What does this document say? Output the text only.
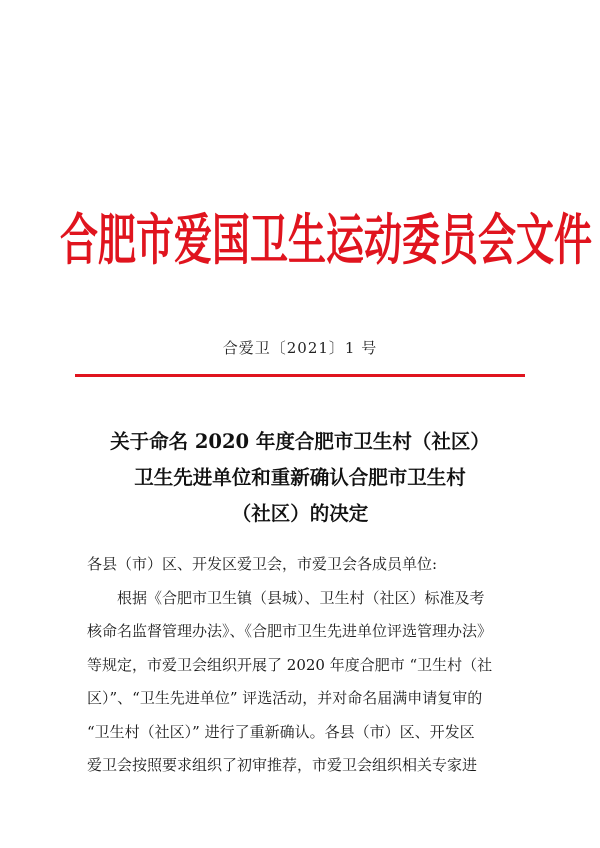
合肥市爱国卫生运动委员会文件
合爱卫〔2021〕1 号
关于命名 2020 年度合肥市卫生村（社区）
卫生先进单位和重新确认合肥市卫生村
（社区）的决定

各县（市）区、开发区爱卫会，市爱卫会各成员单位:

根据《合肥市卫生镇（县城）、卫生村（社区）标准及考

核命名监督管理办法》、《合肥市卫生先进单位评选管理办法》

等规定，市爱卫会组织开展了 2020 年度合肥市 “卫生村（社

区）”、“卫生先进单位” 评选活动，并对命名届满申请复审的

“卫生村（社区）” 进行了重新确认。各县（市）区、开发区

爱卫会按照要求组织了初审推荐，市爱卫会组织相关专家进
